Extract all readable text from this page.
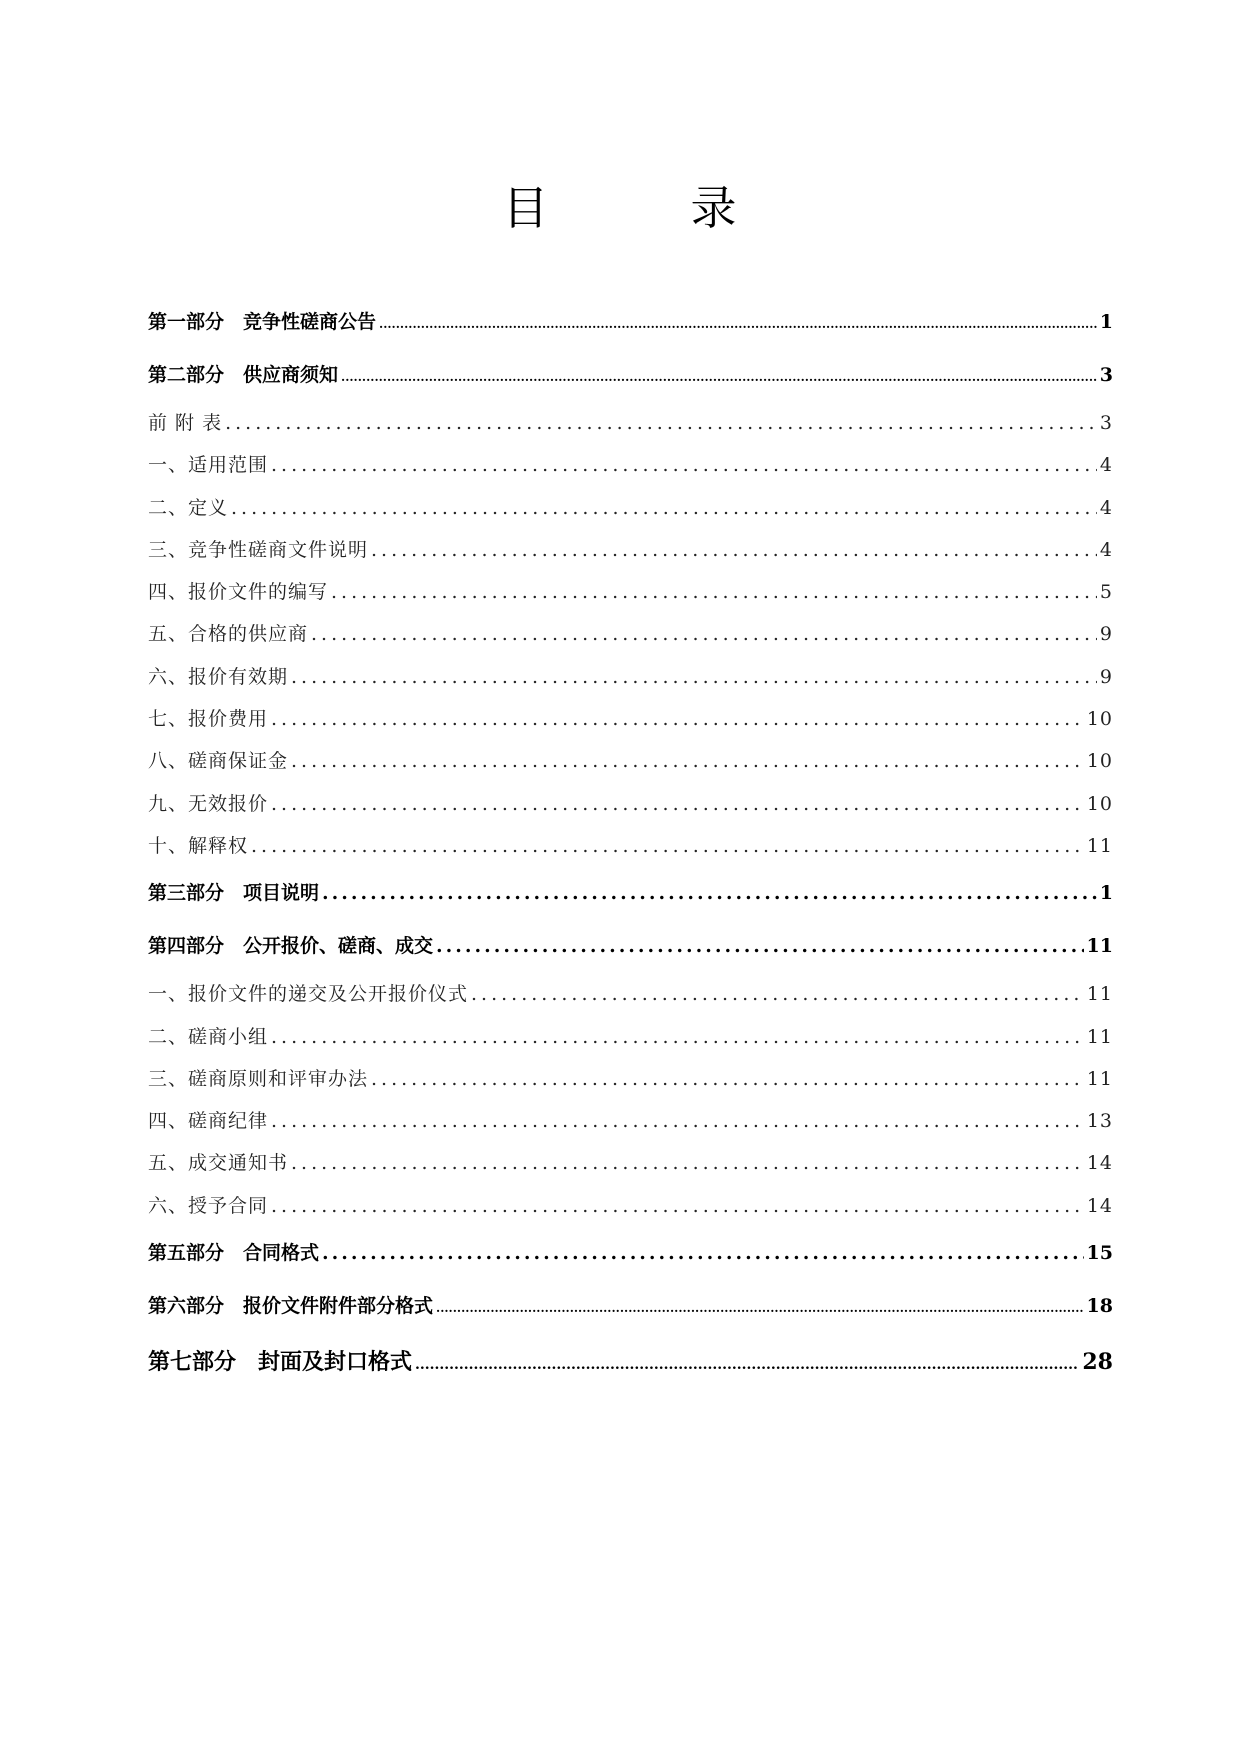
目	录
第一部分　竞争性磋商公告 .....	1
第二部分　供应商须知 .....	3
前 附 表 .....	3
一、适用范围 .....	4
二、定义 .....	4
三、竞争性磋商文件说明 .....	4
四、报价文件的编写 .....	5
五、合格的供应商 .....	9
六、报价有效期 .....	9
七、报价费用 .....	10
八、磋商保证金 .....	10
九、无效报价 .....	10
十、解释权 .....	11
第三部分　项目说明 .....	1
第四部分　公开报价、磋商、成交 .....	11
一、报价文件的递交及公开报价仪式 .....	11
二、磋商小组 .....	11
三、磋商原则和评审办法 .....	11
四、磋商纪律 .....	13
五、成交通知书 .....	14
六、授予合同 .....	14
第五部分　合同格式 .....	15
第六部分　报价文件附件部分格式 .....	18
第七部分　封面及封口格式 .....	28
